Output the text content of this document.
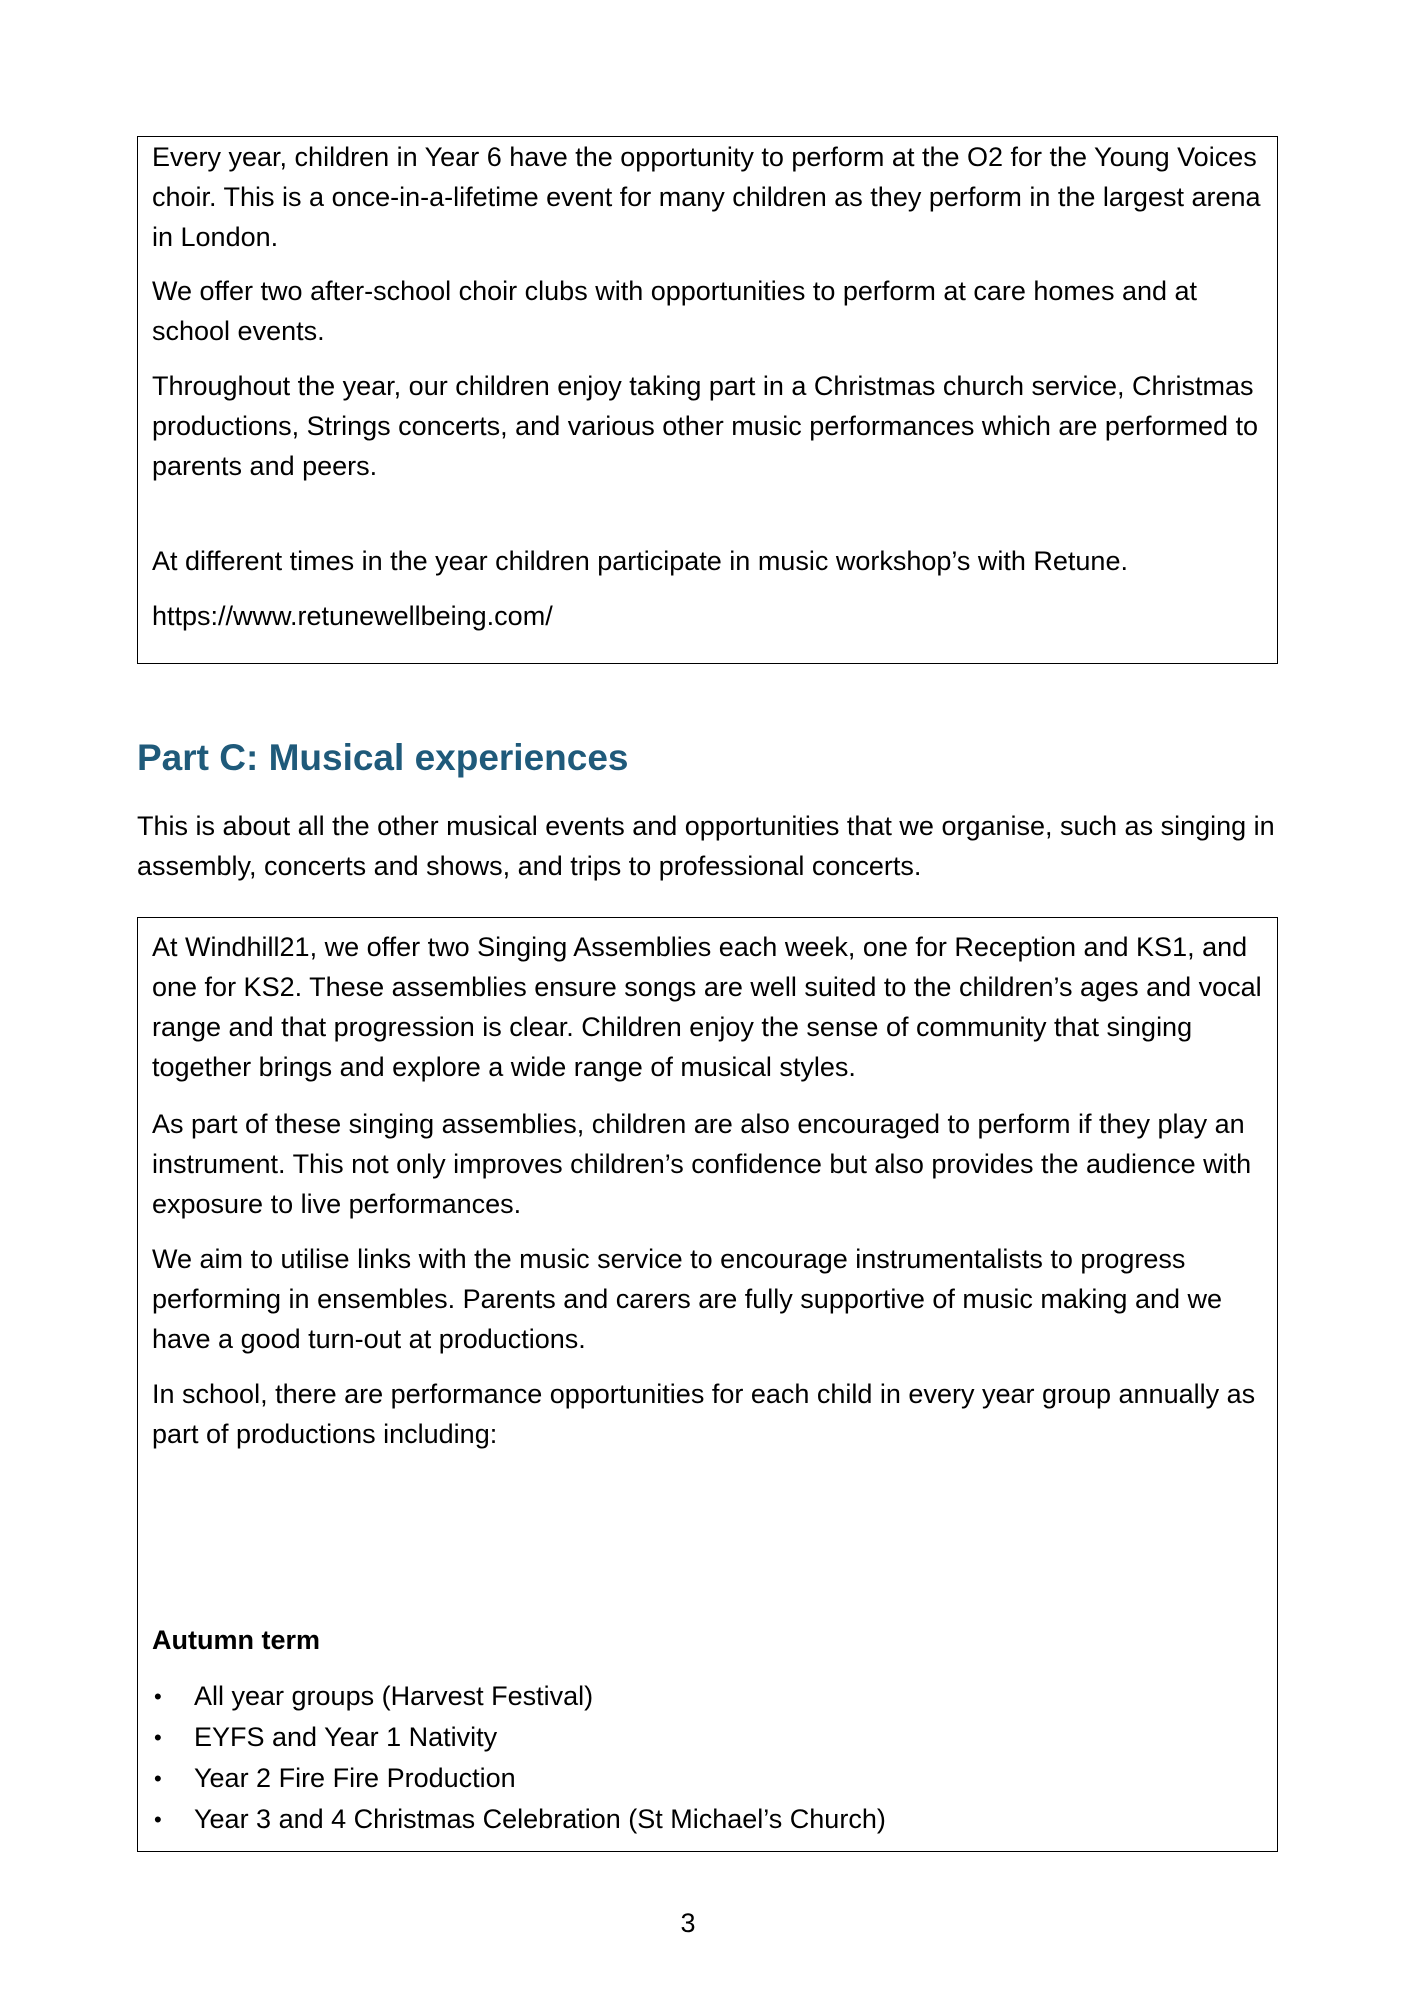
Every year, children in Year 6 have the opportunity to perform at the O2 for the Young Voices choir. This is a once-in-a-lifetime event for many children as they perform in the largest arena in London.

We offer two after-school choir clubs with opportunities to perform at care homes and at school events.

Throughout the year, our children enjoy taking part in a Christmas church service, Christmas productions, Strings concerts, and various other music performances which are performed to parents and peers.

At different times in the year children participate in music workshop’s with Retune.

https://www.retunewellbeing.com/

Part C: Musical experiences

This is about all the other musical events and opportunities that we organise, such as singing in assembly, concerts and shows, and trips to professional concerts.

At Windhill21, we offer two Singing Assemblies each week, one for Reception and KS1, and one for KS2. These assemblies ensure songs are well suited to the children’s ages and vocal range and that progression is clear. Children enjoy the sense of community that singing together brings and explore a wide range of musical styles.

As part of these singing assemblies, children are also encouraged to perform if they play an instrument. This not only improves children’s confidence but also provides the audience with exposure to live performances.

We aim to utilise links with the music service to encourage instrumentalists to progress performing in ensembles. Parents and carers are fully supportive of music making and we have a good turn-out at productions.

In school, there are performance opportunities for each child in every year group annually as part of productions including:

Autumn term

• All year groups (Harvest Festival)
• EYFS and Year 1 Nativity
• Year 2 Fire Fire Production
• Year 3 and 4 Christmas Celebration (St Michael’s Church)
3
